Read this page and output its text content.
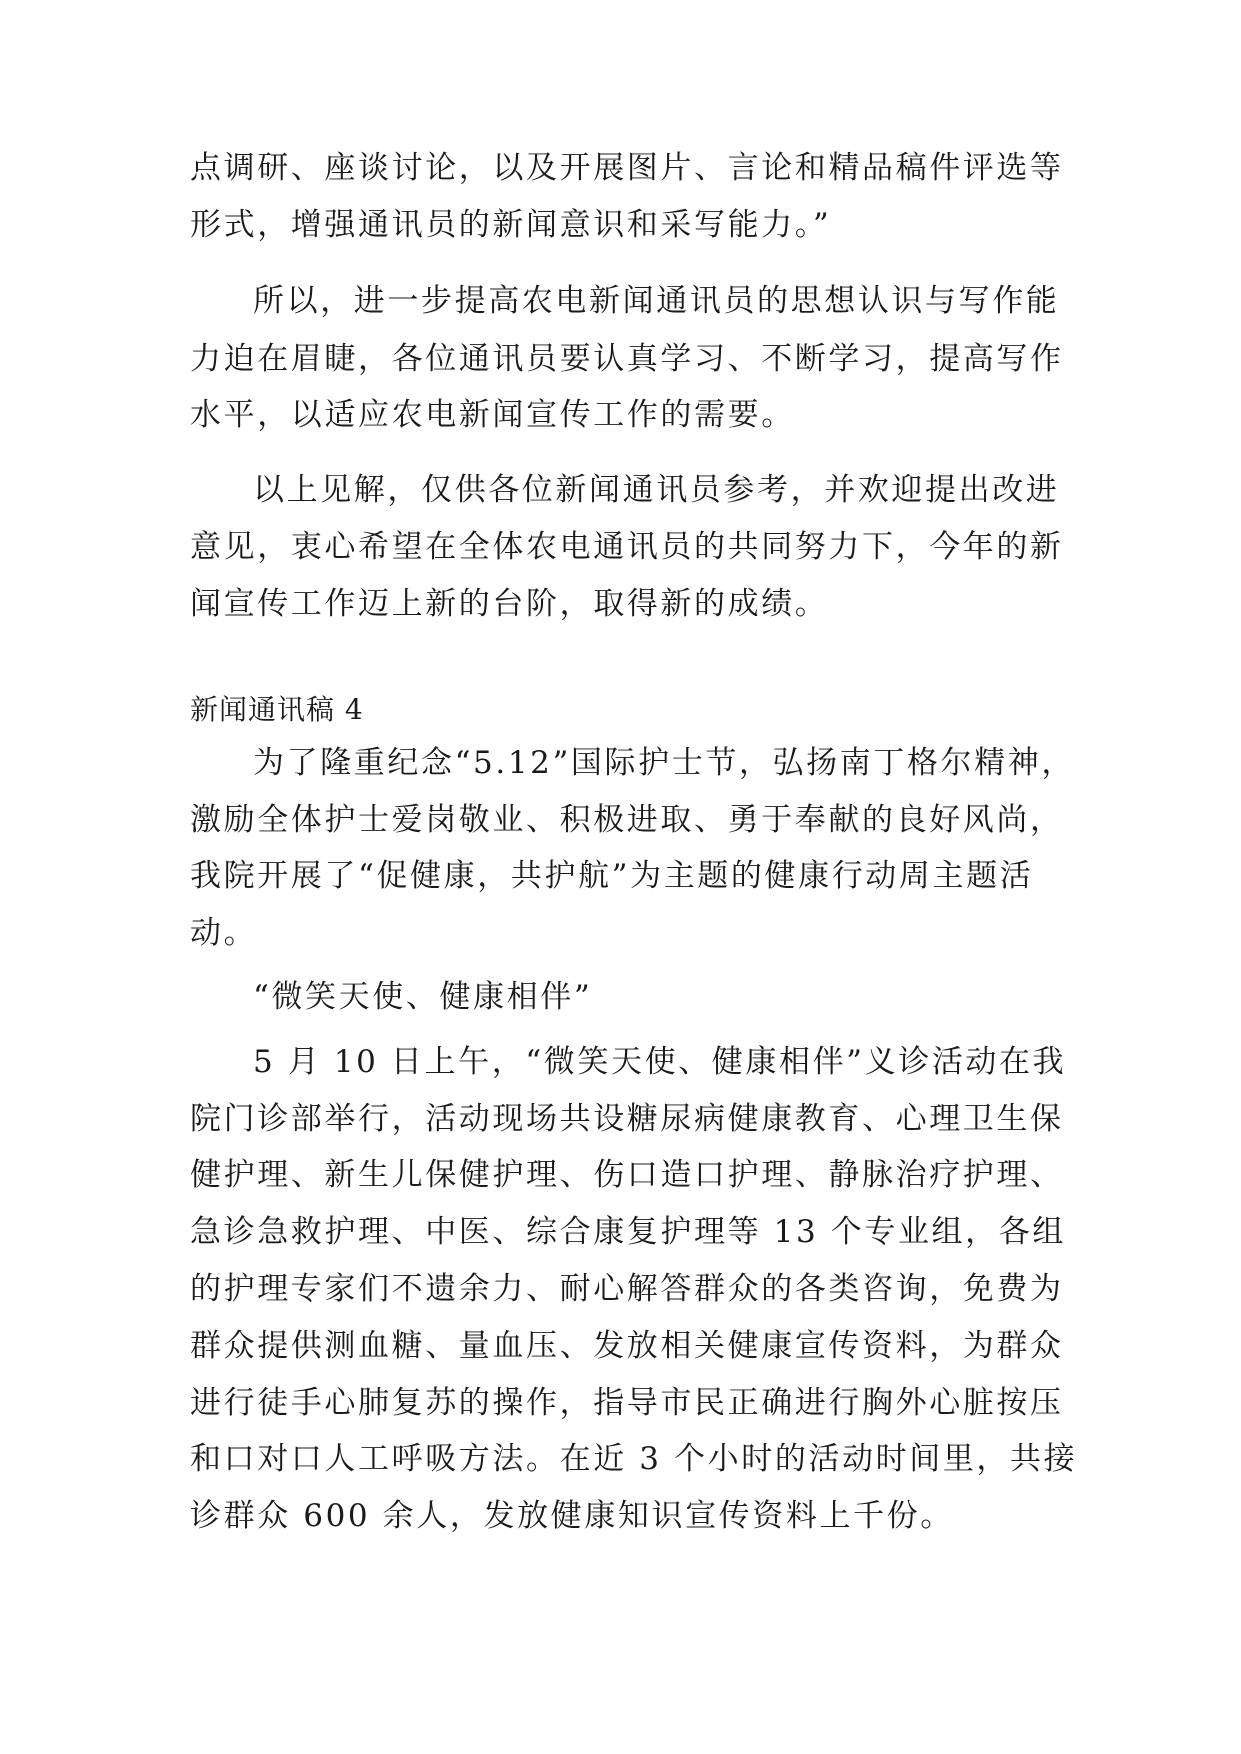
点调研、座谈讨论，以及开展图片、言论和精品稿件评选等
形式，增强通讯员的新闻意识和采写能力。”
所以，进一步提高农电新闻通讯员的思想认识与写作能
力迫在眉睫，各位通讯员要认真学习、不断学习，提高写作
水平，以适应农电新闻宣传工作的需要。
以上见解，仅供各位新闻通讯员参考，并欢迎提出改进
意见，衷心希望在全体农电通讯员的共同努力下，今年的新
闻宣传工作迈上新的台阶，取得新的成绩。
新闻通讯稿 4
为了隆重纪念“5.12”国际护士节，弘扬南丁格尔精神，
激励全体护士爱岗敬业、积极进取、勇于奉献的良好风尚，
我院开展了“促健康，共护航”为主题的健康行动周主题活
动。
“微笑天使、健康相伴”
5 月 10 日上午，“微笑天使、健康相伴”义诊活动在我
院门诊部举行，活动现场共设糖尿病健康教育、心理卫生保
健护理、新生儿保健护理、伤口造口护理、静脉治疗护理、
急诊急救护理、中医、综合康复护理等 13 个专业组，各组
的护理专家们不遗余力、耐心解答群众的各类咨询，免费为
群众提供测血糖、量血压、发放相关健康宣传资料，为群众
进行徒手心肺复苏的操作，指导市民正确进行胸外心脏按压
和口对口人工呼吸方法。在近 3 个小时的活动时间里，共接
诊群众 600 余人，发放健康知识宣传资料上千份。
